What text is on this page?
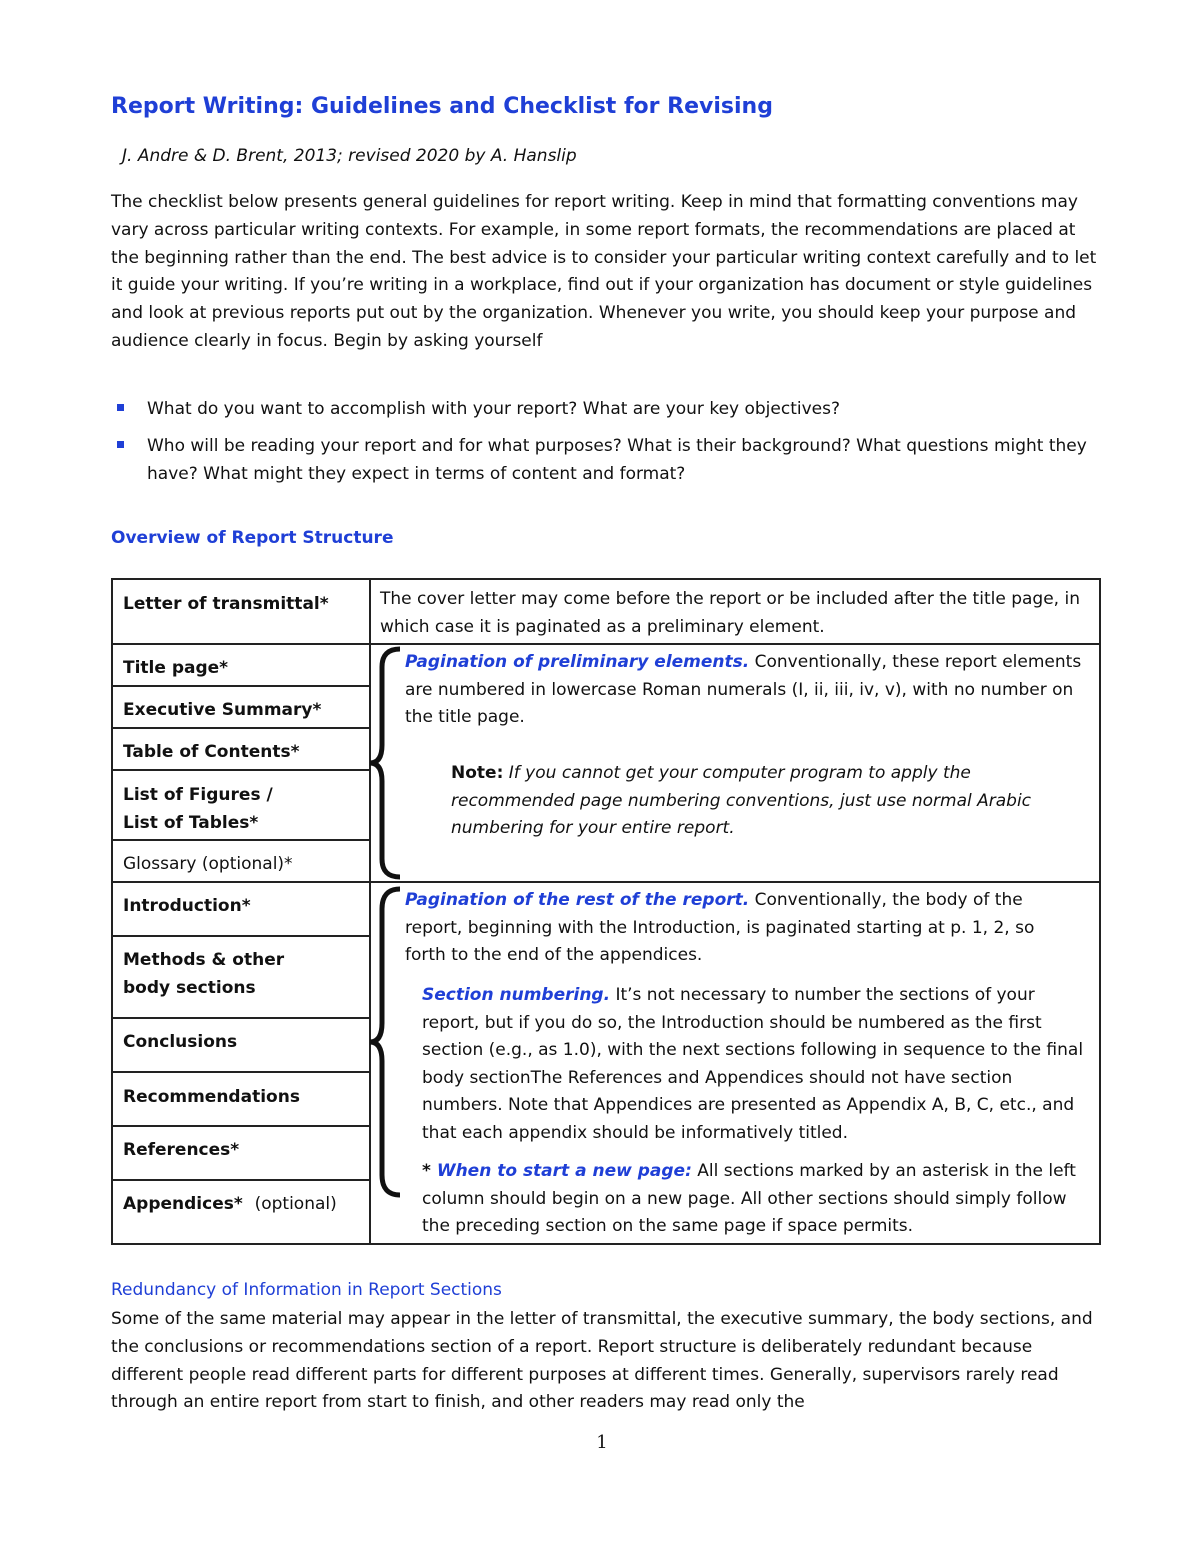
Report Writing: Guidelines and Checklist for Revising
J. Andre & D. Brent, 2013; revised 2020 by A. Hanslip

The checklist below presents general guidelines for report writing. Keep in mind that formatting conventions may vary across particular writing contexts. For example, in some report formats, the recommendations are placed at the beginning rather than the end. The best advice is to consider your particular writing context carefully and to let it guide your writing. If you’re writing in a workplace, find out if your organization has document or style guidelines and look at previous reports put out by the organization. Whenever you write, you should keep your purpose and audience clearly in focus. Begin by asking yourself

What do you want to accomplish with your report? What are your key objectives?
Who will be reading your report and for what purposes? What is their background? What questions might they have? What might they expect in terms of content and format?
Overview of Report Structure
Letter of transmittal*
Title page*
Executive Summary*
Table of Contents*
List of Figures /
List of Tables*
Glossary (optional)*
Introduction*
Methods & other
body sections
Conclusions
Recommendations
References*
Appendices* (optional)
The cover letter may come before the report or be included after the title page, in which case it is paginated as a preliminary element.
Pagination of preliminary elements. Conventionally, these report elements are numbered in lowercase Roman numerals (I, ii, iii, iv, v), with no number on the title page.
Note: If you cannot get your computer program to apply the recommended page numbering conventions, just use normal Arabic numbering for your entire report.
Pagination of the rest of the report. Conventionally, the body of the report, beginning with the Introduction, is paginated starting at p. 1, 2, so forth to the end of the appendices.
Section numbering. It’s not necessary to number the sections of your report, but if you do so, the Introduction should be numbered as the first section (e.g., as 1.0), with the next sections following in sequence to the final body sectionThe References and Appendices should not have section numbers. Note that Appendices are presented as Appendix A, B, C, etc., and that each appendix should be informatively titled.
* When to start a new page: All sections marked by an asterisk in the left column should begin on a new page. All other sections should simply follow the preceding section on the same page if space permits.
Redundancy of Information in Report Sections
Some of the same material may appear in the letter of transmittal, the executive summary, the body sections, and the conclusions or recommendations section of a report. Report structure is deliberately redundant because different people read different parts for different purposes at different times. Generally, supervisors rarely read through an entire report from start to finish, and other readers may read only the
1
